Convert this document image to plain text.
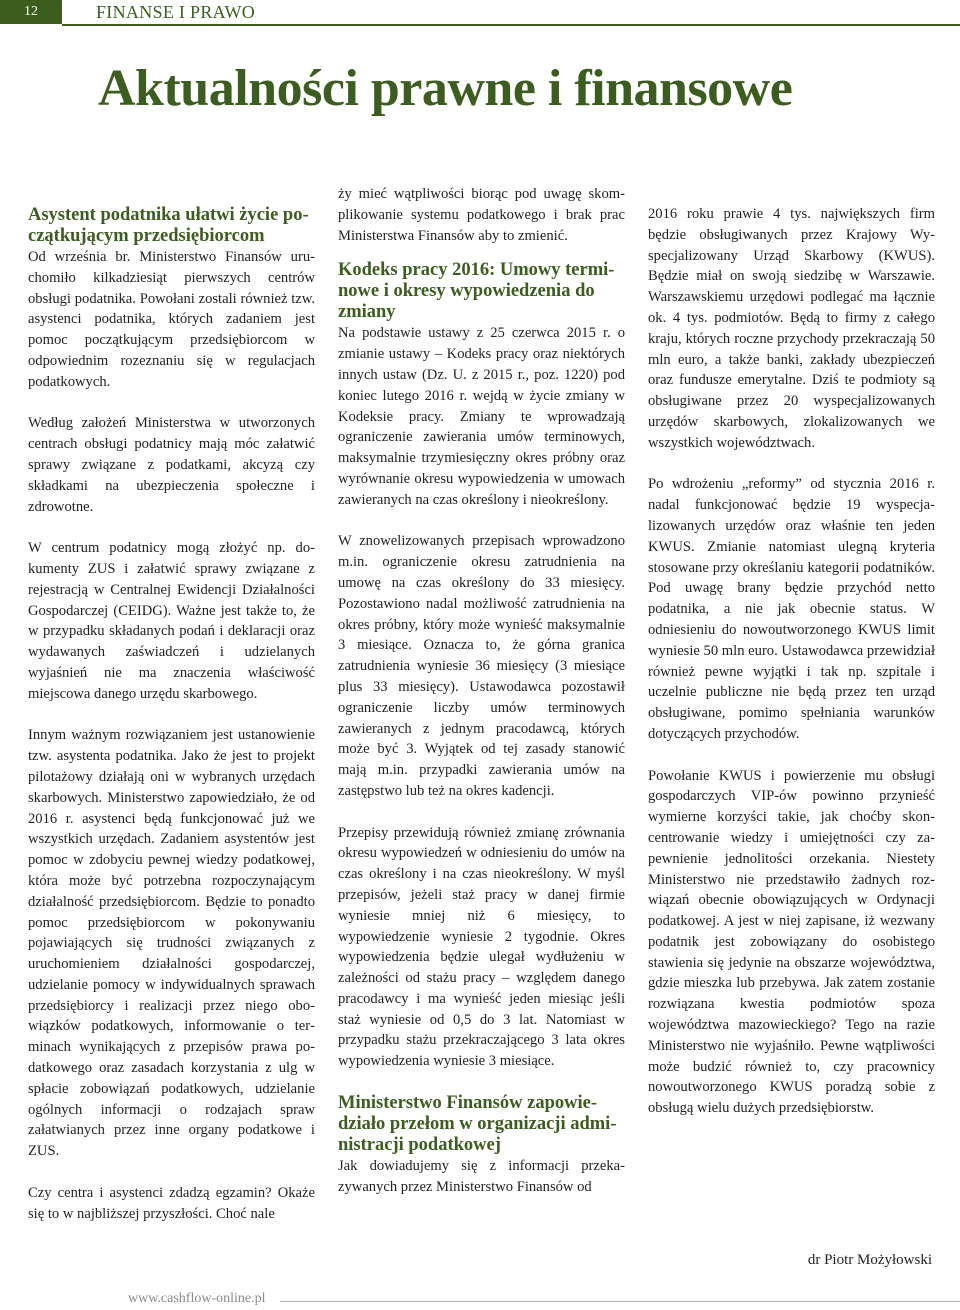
12	FINANSE I PRAWO
Aktualności prawne i finansowe
Asystent podatnika ułatwi życie początkującym przedsiębiorcom

Od września br. Ministerstwo Finansów uruchomiło kilkadziesiąt pierwszych centrów obsługi podatnika. Powołani zostali również tzw. asystenci podatnika, których zadaniem jest pomoc początkującym przedsiębiorcom w odpowiednim rozeznaniu się w regulacjach podatkowych.

Według założeń Ministerstwa w utworzonych centrach obsługi podatnicy mają móc załatwić sprawy związane z podatkami, akcyzą czy składkami na ubezpieczenia społeczne i zdrowotne.

W centrum podatnicy mogą złożyć np. dokumenty ZUS i załatwić sprawy związane z rejestracją w Centralnej Ewidencji Działalności Gospodarczej (CEIDG). Ważne jest także to, że w przypadku składanych podań i deklaracji oraz wydawanych zaświadczeń i udzielanych wyjaśnień nie ma znaczenia właściwość miejscowa danego urzędu skarbowego.

Innym ważnym rozwiązaniem jest ustanowienie tzw. asystenta podatnika. Jako że jest to projekt pilotażowy działają oni w wybranych urzędach skarbowych. Ministerstwo zapowiedziało, że od 2016 r. asystenci będą funkcjonować już we wszystkich urzędach. Zadaniem asystentów jest pomoc w zdobyciu pewnej wiedzy podatkowej, która może być potrzebna rozpoczynającym działalność przedsiębiorcom. Będzie to ponadto pomoc przedsiębiorcom w pokonywaniu pojawiających się trudności związanych z uruchomieniem działalności gospodarczej, udzielanie pomocy w indywidualnych sprawach przedsiębiorcy i realizacji przez niego obowiązków podatkowych, informowanie o terminach wynikających z przepisów prawa podatkowego oraz zasadach korzystania z ulg w spłacie zobowiązań podatkowych, udzielanie ogólnych informacji o rodzajach spraw załatwianych przez inne organy podatkowe i ZUS.

Czy centra i asystenci zdadzą egzamin? Okaże się to w najbliższej przyszłości. Choć nale

ży mieć wątpliwości biorąc pod uwagę skomplikowanie systemu podatkowego i brak prac Ministerstwa Finansów aby to zmienić.

Kodeks pracy 2016: Umowy terminowe i okresy wypowiedzenia do zmiany

Na podstawie ustawy z 25 czerwca 2015 r. o zmianie ustawy – Kodeks pracy oraz niektórych innych ustaw (Dz. U. z 2015 r., poz. 1220) pod koniec lutego 2016 r. wejdą w życie zmiany w Kodeksie pracy. Zmiany te wprowadzają ograniczenie zawierania umów terminowych, maksymalnie trzymiesięczny okres próbny oraz wyrównanie okresu wypowiedzenia w umowach zawieranych na czas określony i nieokreślony.

W znowelizowanych przepisach wprowadzono m.in. ograniczenie okresu zatrudnienia na umowę na czas określony do 33 miesięcy. Pozostawiono nadal możliwość zatrudnienia na okres próbny, który może wynieść maksymalnie 3 miesiące. Oznacza to, że górna granica zatrudnienia wyniesie 36 miesięcy (3 miesiące plus 33 miesięcy). Ustawodawca pozostawił ograniczenie liczby umów terminowych zawieranych z jednym pracodawcą, których może być 3. Wyjątek od tej zasady stanowić mają m.in. przypadki zawierania umów na zastępstwo lub też na okres kadencji.

Przepisy przewidują również zmianę zrównania okresu wypowiedzeń w odniesieniu do umów na czas określony i na czas nieokreślony. W myśl przepisów, jeżeli staż pracy w danej firmie wyniesie mniej niż 6 miesięcy, to wypowiedzenie wyniesie 2 tygodnie. Okres wypowiedzenia będzie ulegał wydłużeniu w zależności od stażu pracy – względem danego pracodawcy i ma wynieść jeden miesiąc jeśli staż wyniesie od 0,5 do 3 lat. Natomiast w przypadku stażu przekraczającego 3 lata okres wypowiedzenia wyniesie 3 miesiące.

Ministerstwo Finansów zapowiedziało przełom w organizacji administracji podatkowej

Jak dowiadujemy się z informacji przekazywanych przez Ministerstwo Finansów od

2016 roku prawie 4 tys. największych firm będzie obsługiwanych przez Krajowy Wyspecjalizowany Urząd Skarbowy (KWUS). Będzie miał on swoją siedzibę w Warszawie. Warszawskiemu urzędowi podlegać ma łącznie ok. 4 tys. podmiotów. Będą to firmy z całego kraju, których roczne przychody przekraczają 50 mln euro, a także banki, zakłady ubezpieczeń oraz fundusze emerytalne. Dziś te podmioty są obsługiwane przez 20 wyspecjalizowanych urzędów skarbowych, zlokalizowanych we wszystkich województwach.

Po wdrożeniu „reformy” od stycznia 2016 r. nadal funkcjonować będzie 19 wyspecjalizowanych urzędów oraz właśnie ten jeden KWUS. Zmianie natomiast ulegną kryteria stosowane przy określaniu kategorii podatników. Pod uwagę brany będzie przychód netto podatnika, a nie jak obecnie status. W odniesieniu do nowoutworzonego KWUS limit wyniesie 50 mln euro. Ustawodawca przewidział również pewne wyjątki i tak np. szpitale i uczelnie publiczne nie będą przez ten urząd obsługiwane, pomimo spełniania warunków dotyczących przychodów.

Powołanie KWUS i powierzenie mu obsługi gospodarczych VIP-ów powinno przynieść wymierne korzyści takie, jak choćby skoncentrowanie wiedzy i umiejętności czy zapewnienie jednolitości orzekania. Niestety Ministerstwo nie przedstawiło żadnych rozwiązań obecnie obowiązujących w Ordynacji podatkowej. A jest w niej zapisane, iż wezwany podatnik jest zobowiązany do osobistego stawienia się jedynie na obszarze województwa, gdzie mieszka lub przebywa. Jak zatem zostanie rozwiązana kwestia podmiotów spoza województwa mazowieckiego? Tego na razie Ministerstwo nie wyjaśniło. Pewne wątpliwości może budzić również to, czy pracownicy nowoutworzonego KWUS poradzą sobie z obsługą wielu dużych przedsiębiorstw.

dr Piotr Możyłowski
www.cashflow-online.pl
